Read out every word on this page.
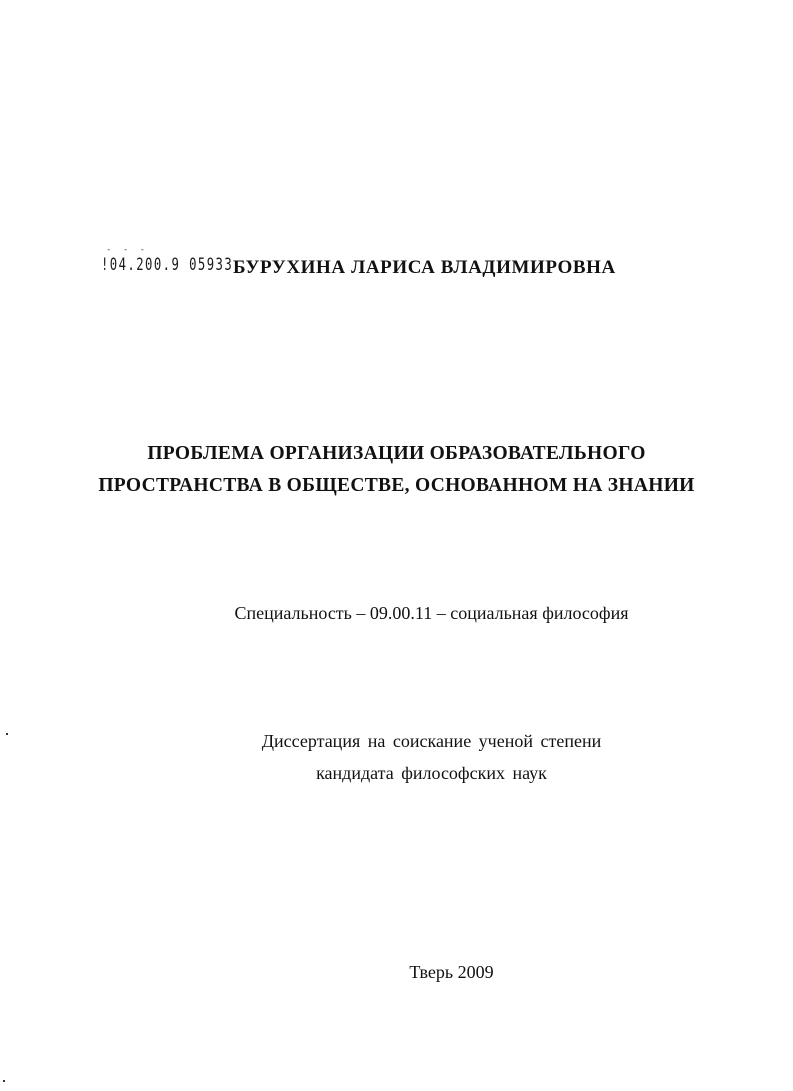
- - -
!04.200.9 05933 БУРУХИНА ЛАРИСА ВЛАДИМИРОВНА
ПРОБЛЕМА ОРГАНИЗАЦИИ ОБРАЗОВАТЕЛЬНОГО
ПРОСТРАНСТВА В ОБЩЕСТВЕ, ОСНОВАННОМ НА ЗНАНИИ
Специальность – 09.00.11 – социальная философия
Диссертация на соискание ученой степени
кандидата философских наук
Тверь 2009
